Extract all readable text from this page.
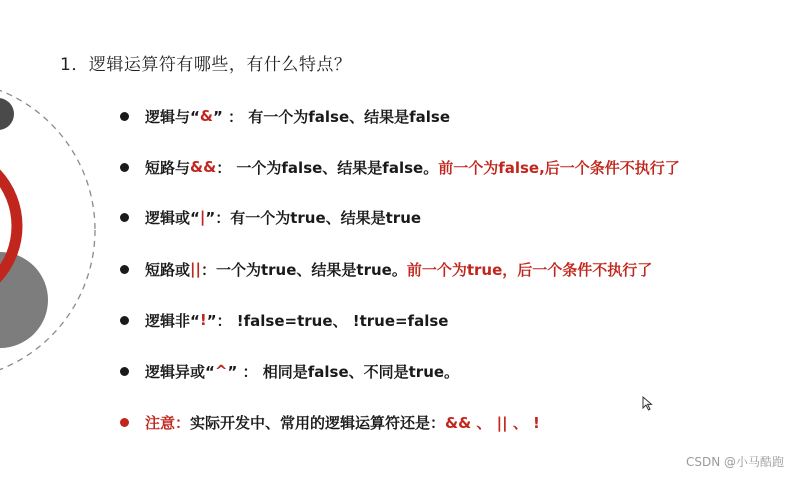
1．逻辑运算符有哪些，有什么特点？
逻辑与“ & ” ： 有一个为false、结果是false
短路与 && ： 一个为false、结果是false。 前一个为false,后一个条件不执行了
逻辑或“ | ”：有一个为true、结果是true
短路或 || ：一个为true、结果是true。 前一个为true，后一个条件不执行了
逻辑非“ ! ”： !false=true、 !true=false
逻辑异或“ ^ ” ： 相同是false、不同是true。
注意： 实际开发中、常用的逻辑运算符还是： && 、 || 、 !
CSDN @小马酷跑
